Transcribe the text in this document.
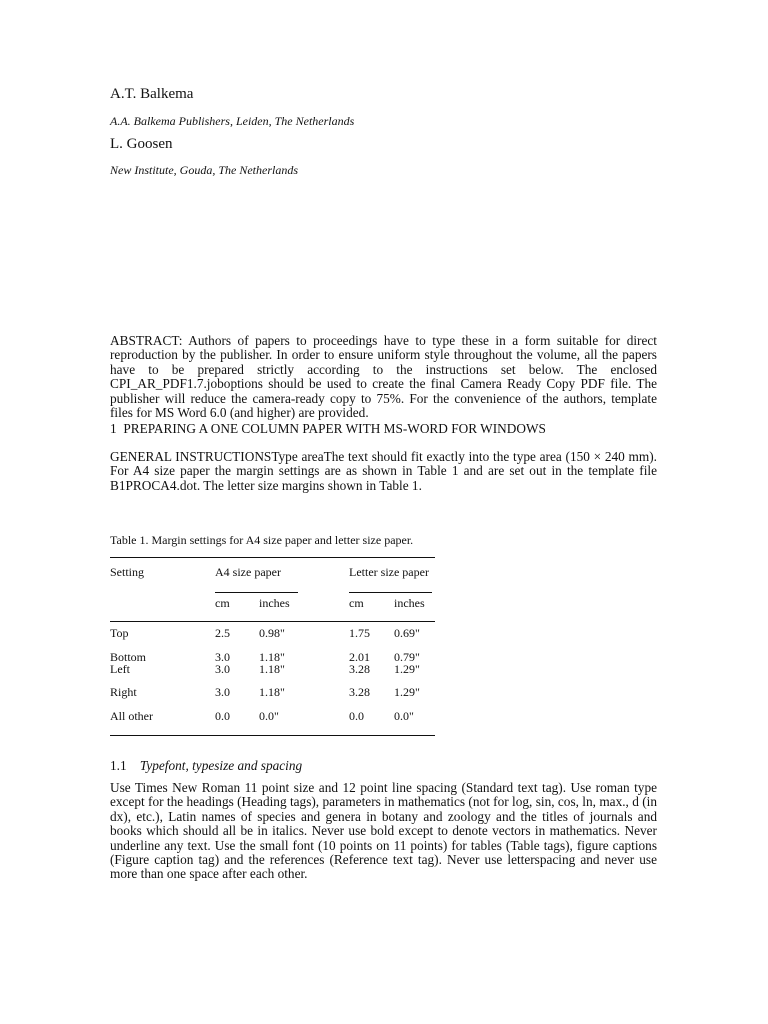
A.T. Balkema
A.A. Balkema Publishers, Leiden, The Netherlands
L. Goosen
New Institute, Gouda, The Netherlands

ABSTRACT: Authors of papers to proceedings have to type these in a form suitable for direct reproduction by the publisher. In order to ensure uniform style throughout the volume, all the papers have to be prepared strictly according to the instructions set below. The enclosed CPI_AR_PDF1.7.joboptions should be used to create the final Camera Ready Copy PDF file. The publisher will reduce the camera-ready copy to 75%. For the convenience of the authors, template files for MS Word 6.0 (and higher) are provided.

1 PREPARING A ONE COLUMN PAPER WITH MS-WORD FOR WINDOWS

GENERAL INSTRUCTIONSType areaThe text should fit exactly into the type area (150 × 240 mm). For A4 size paper the margin settings are as shown in Table 1 and are set out in the template file B1PROCA4.dot. The letter size margins shown in Table 1.

Table 1. Margin settings for A4 size paper and letter size paper.
Setting	A4 size paper	Letter size paper
cm inches	cm	inches
Top	2.5 0.98"	1.75 0.69"
Bottom	3.0 1.18"	2.01 0.79"
Left	3.0 1.18"	3.28 1.29"
Right	3.0 1.18"	3.28 1.29"
All other	0.0 0.0"	0.0	0.0"
1.1 Typefont, typesize and spacing

Use Times New Roman 11 point size and 12 point line spacing (Standard text tag). Use roman type except for the headings (Heading tags), parameters in mathematics (not for log, sin, cos, ln, max., d (in dx), etc.), Latin names of species and genera in botany and zoology and the titles of journals and books which should all be in italics. Never use bold except to denote vectors in mathematics. Never underline any text. Use the small font (10 points on 11 points) for tables (Table tags), figure captions (Figure caption tag) and the references (Reference text tag). Never use letterspacing and never use more than one space after each other.
